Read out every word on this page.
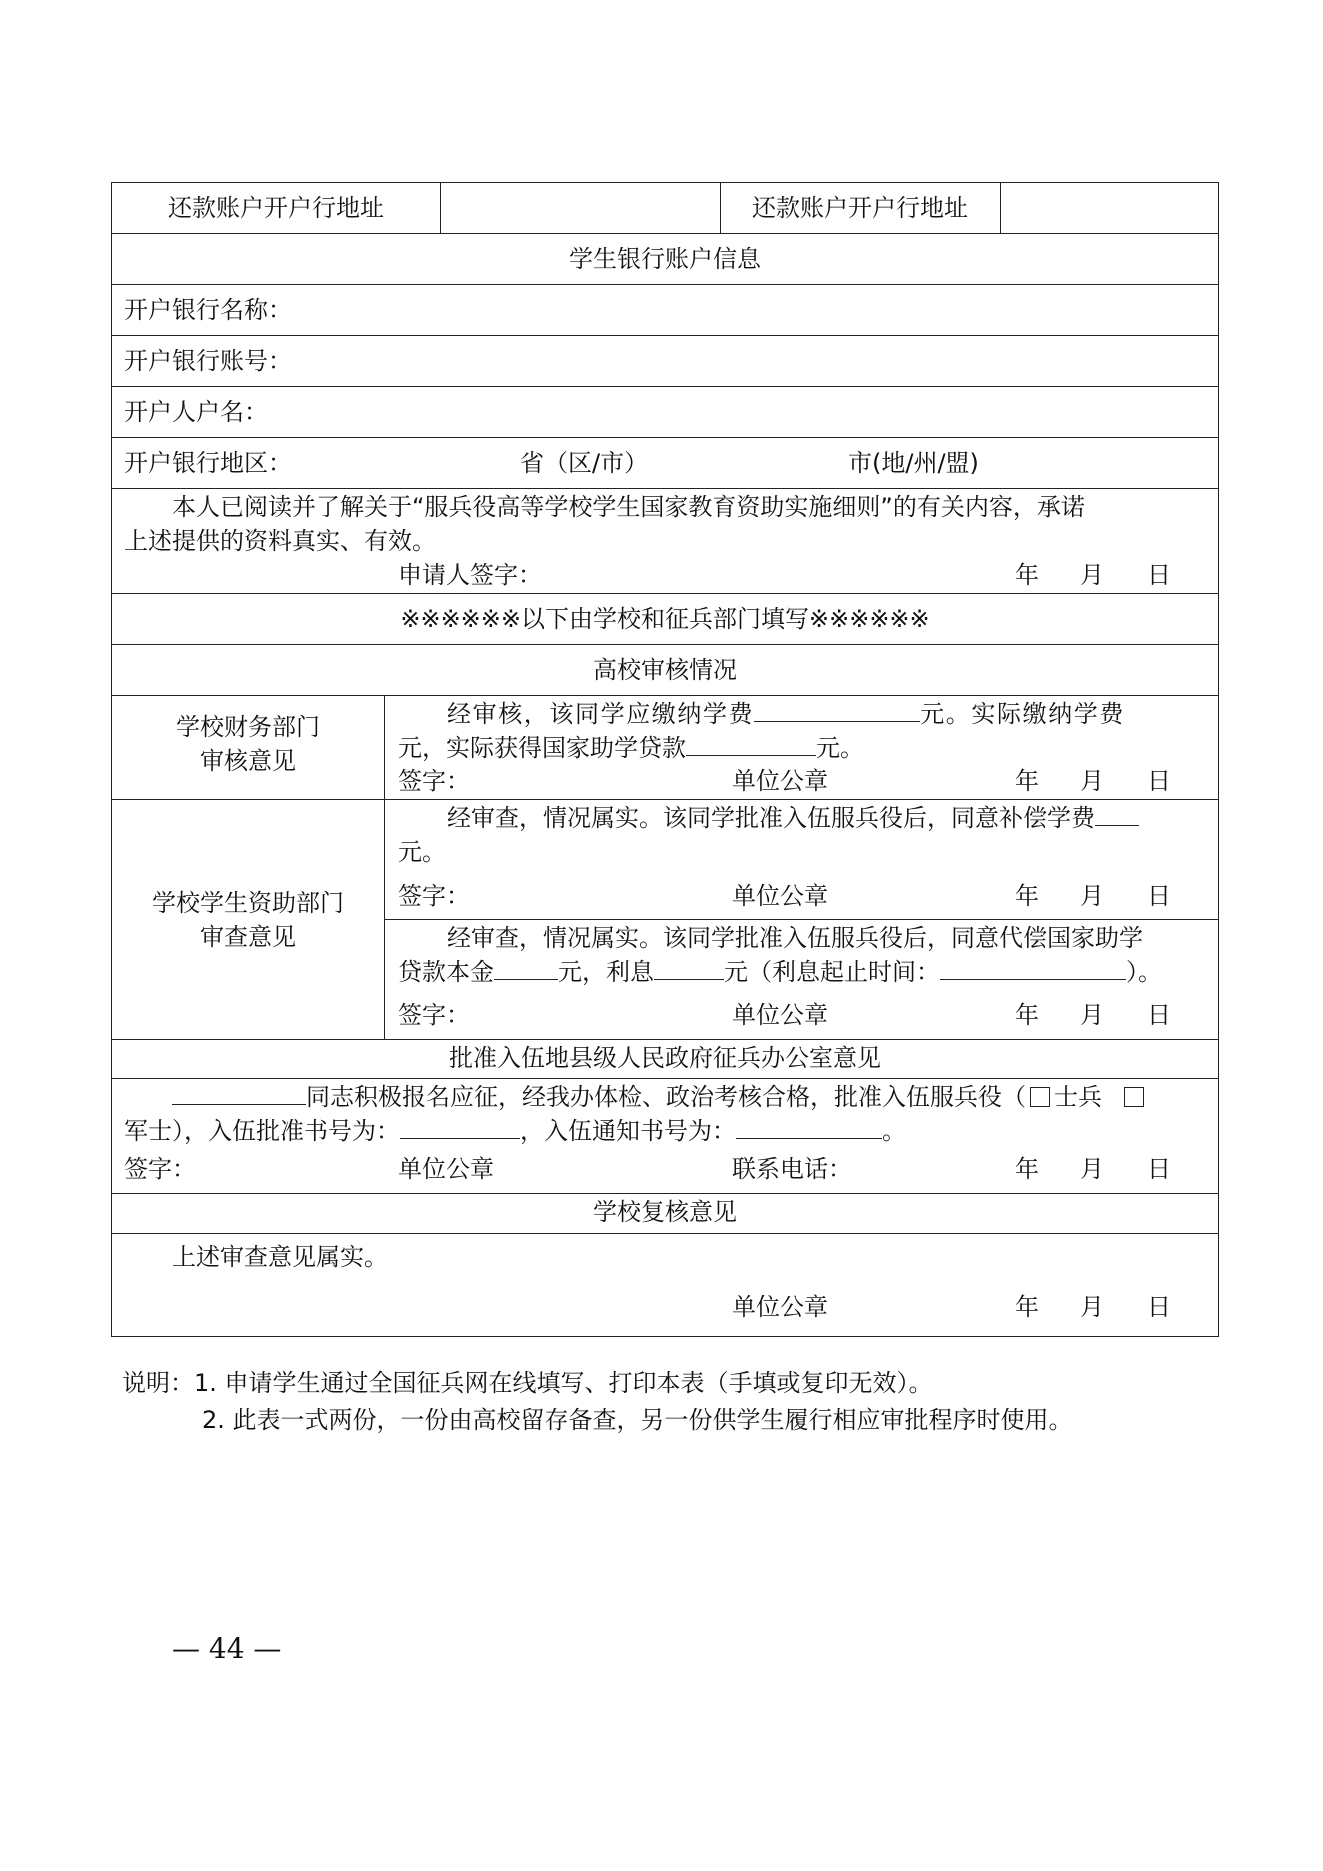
还款账户开户行地址	还款账户开户行地址
学生银行账户信息
开户银行名称：
开户银行账号：
开户人户名：
开户银行地区：	省（区/市）	市(地/州/盟)
本人已阅读并了解关于“服兵役高等学校学生国家教育资助实施细则”的有关内容，承诺
上述提供的资料真实、有效。
申请人签字：	年 月 日
※※※※※※以下由学校和征兵部门填写※※※※※※
高校审核情况
学校财务部门
审核意见
经审核，该同学应缴纳学费	元。实际缴纳学费
元，实际获得国家助学贷款	元。
签字：	单位公章	年 月 日
学校学生资助部门
审查意见
经审查，情况属实。该同学批准入伍服兵役后，同意补偿学费
元。
签字：	单位公章	年 月 日
经审查，情况属实。该同学批准入伍服兵役后，同意代偿国家助学
贷款本金	元，利息	元（利息起止时间：	）。
签字：	单位公章	年 月 日
批准入伍地县级人民政府征兵办公室意见
同志积极报名应征，经我办体检、政治考核合格，批准入伍服兵役（ 士兵
军士），入伍批准书号为：	，入伍通知书号为：	。
签字：	单位公章	联系电话：	年 月 日
学校复核意见
上述审查意见属实。
单位公章	年 月 日
说明：1. 申请学生通过全国征兵网在线填写、打印本表（手填或复印无效）。
2. 此表一式两份，一份由高校留存备查，另一份供学生履行相应审批程序时使用。
— 44 —
